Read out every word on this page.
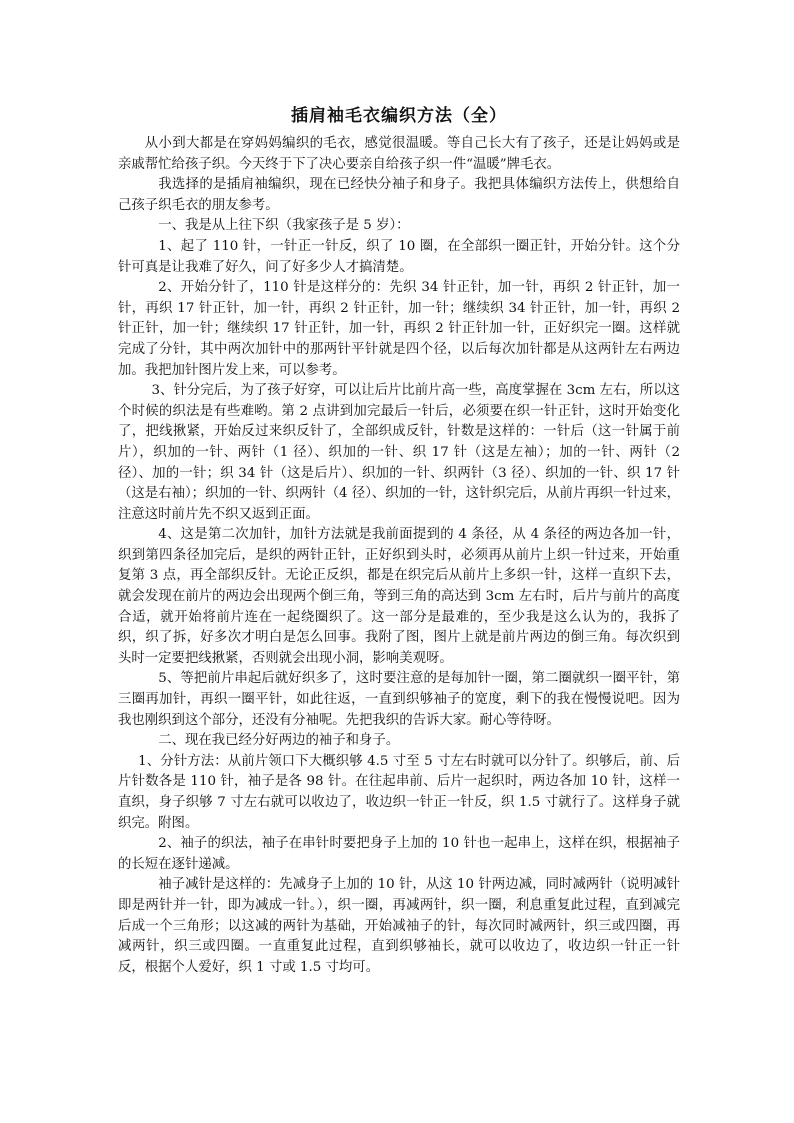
插肩袖毛衣编织方法（全）

从小到大都是在穿妈妈编织的毛衣，感觉很温暖。等自己长大有了孩子，还是让妈妈或是亲戚帮忙给孩子织。今天终于下了决心要亲自给孩子织一件“温暖”牌毛衣。

我选择的是插肩袖编织，现在已经快分袖子和身子。我把具体编织方法传上，供想给自己孩子织毛衣的朋友参考。

一、我是从上往下织（我家孩子是 5 岁）：

1、起了 110 针，一针正一针反，织了 10 圈，在全部织一圈正针，开始分针。这个分针可真是让我难了好久，问了好多少人才搞清楚。

2、开始分针了，110 针是这样分的：先织 34 针正针，加一针，再织 2 针正针，加一针，再织 17 针正针，加一针，再织 2 针正针，加一针；继续织 34 针正针，加一针，再织 2 针正针，加一针；继续织 17 针正针，加一针，再织 2 针正针加一针，正好织完一圈。这样就完成了分针，其中两次加针中的那两针平针就是四个径，以后每次加针都是从这两针左右两边加。我把加针图片发上来，可以参考。

3、针分完后，为了孩子好穿，可以让后片比前片高一些，高度掌握在 3cm 左右，所以这个时候的织法是有些难哟。第 2 点讲到加完最后一针后，必须要在织一针正针，这时开始变化了，把线揪紧，开始反过来织反针了，全部织成反针，针数是这样的：一针后（这一针属于前片），织加的一针、两针（1 径）、织加的一针、织 17 针（这是左袖）；加的一针、两针（2 径）、加的一针；织 34 针（这是后片）、织加的一针、织两针（3 径）、织加的一针、织 17 针（这是右袖）；织加的一针、织两针（4 径）、织加的一针，这针织完后，从前片再织一针过来，注意这时前片先不织又返到正面。

4、这是第二次加针，加针方法就是我前面提到的 4 条径，从 4 条径的两边各加一针，织到第四条径加完后，是织的两针正针，正好织到头时，必须再从前片上织一针过来，开始重复第 3 点，再全部织反针。无论正反织，都是在织完后从前片上多织一针，这样一直织下去，就会发现在前片的两边会出现两个倒三角，等到三角的高达到 3cm 左右时，后片与前片的高度合适，就开始将前片连在一起绕圈织了。这一部分是最难的，至少我是这么认为的，我拆了织，织了拆，好多次才明白是怎么回事。我附了图，图片上就是前片两边的倒三角。每次织到头时一定要把线揪紧，否则就会出现小洞，影响美观呀。

5、等把前片串起后就好织多了，这时要注意的是每加针一圈，第二圈就织一圈平针，第三圈再加针，再织一圈平针，如此往返，一直到织够袖子的宽度，剩下的我在慢慢说吧。因为我也刚织到这个部分，还没有分袖呢。先把我织的告诉大家。耐心等待呀。

二、现在我已经分好两边的袖子和身子。

1、分针方法：从前片领口下大概织够 4.5 寸至 5 寸左右时就可以分针了。织够后，前、后片针数各是 110 针，袖子是各 98 针。在往起串前、后片一起织时，两边各加 10 针，这样一直织，身子织够 7 寸左右就可以收边了，收边织一针正一针反，织 1.5 寸就行了。这样身子就织完。附图。

2、袖子的织法，袖子在串针时要把身子上加的 10 针也一起串上，这样在织，根据袖子的长短在逐针递减。

袖子减针是这样的：先减身子上加的 10 针，从这 10 针两边减，同时减两针（说明减针即是两针并一针，即为减成一针。），织一圈，再减两针，织一圈，利息重复此过程，直到减完后成一个三角形；以这减的两针为基础，开始减袖子的针，每次同时减两针，织三或四圈，再减两针，织三或四圈。一直重复此过程，直到织够袖长，就可以收边了，收边织一针正一针反，根据个人爱好，织 1 寸或 1.5 寸均可。
